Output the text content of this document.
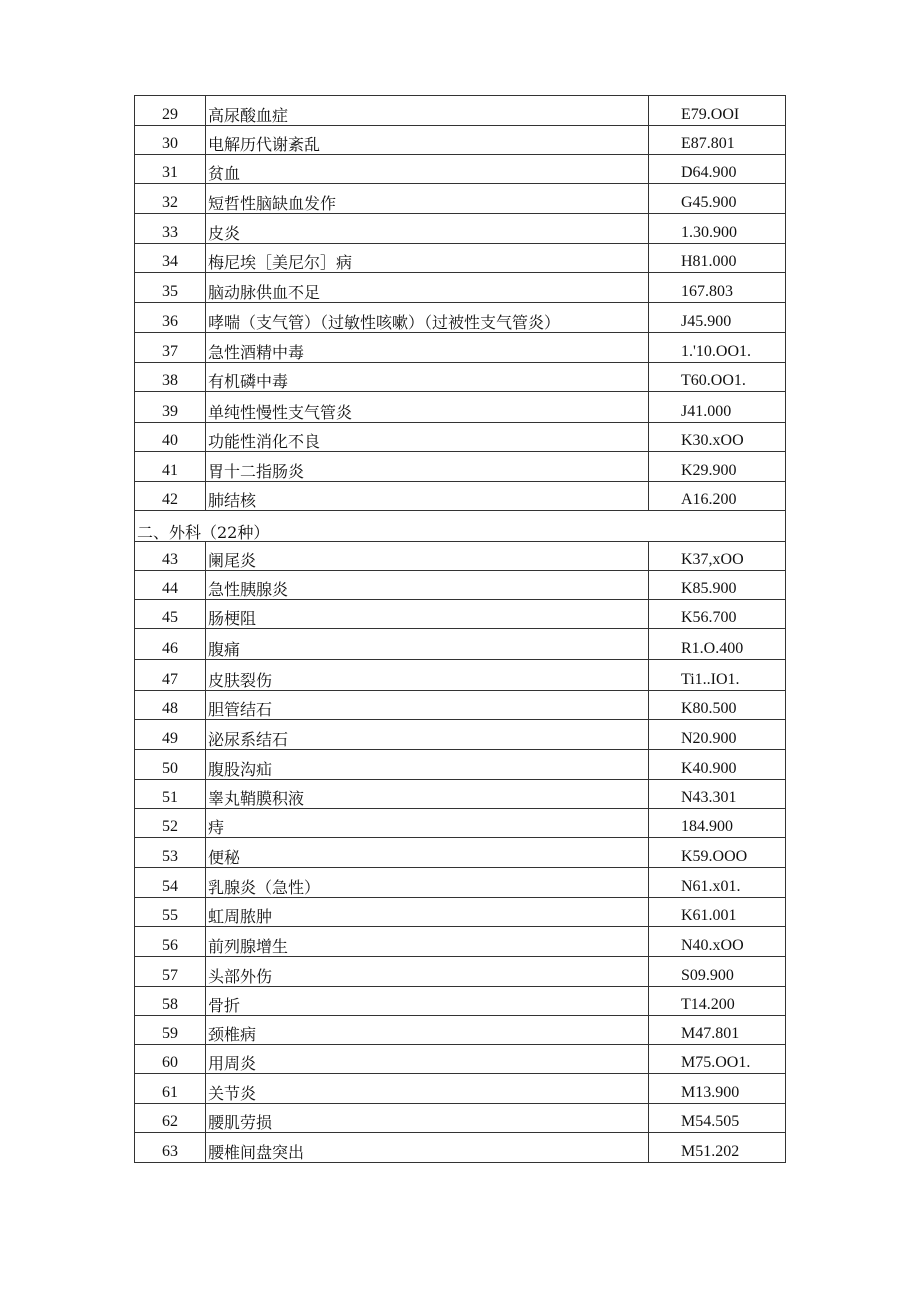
29	高尿酸血症	E79.OOI
30	电解历代谢紊乱	E87.801
31	贫血	D64.900
32	短哲性脑缺血发作	G45.900
33	皮炎	1.30.900
34	梅尼埃［美尼尔］病	H81.000
35	脑动脉供血不足	167.803
36	哮喘（支气管）（过敏性咳嗽）（过被性支气管炎）	J45.900
37	急性酒精中毒	1.'10.OO1.
38	有机磷中毒	T60.OO1.
39	单纯性慢性支气管炎	J41.000
40	功能性消化不良	K30.xOO
41	胃十二指肠炎	K29.900
42	肺结核	A16.200
二、外科（22种）		
43	阑尾炎	K37,xOO
44	急性胰腺炎	K85.900
45	肠梗阻	K56.700
46	腹痛	R1.O.400
47	皮肤裂伤	Ti1..IO1.
48	胆管结石	K80.500
49	泌尿系结石	N20.900
50	腹股沟疝	K40.900
51	睾丸鞘膜积液	N43.301
52	痔	184.900
53	便秘	K59.OOO
54	乳腺炎（急性）	N61.x01.
55	虹周脓肿	K61.001
56	前列腺增生	N40.xOO
57	头部外伤	S09.900
58	骨折	T14.200
59	颈椎病	M47.801
60	用周炎	M75.OO1.
61	关节炎	M13.900
62	腰肌劳损	M54.505
63	腰椎间盘突出	M51.202
